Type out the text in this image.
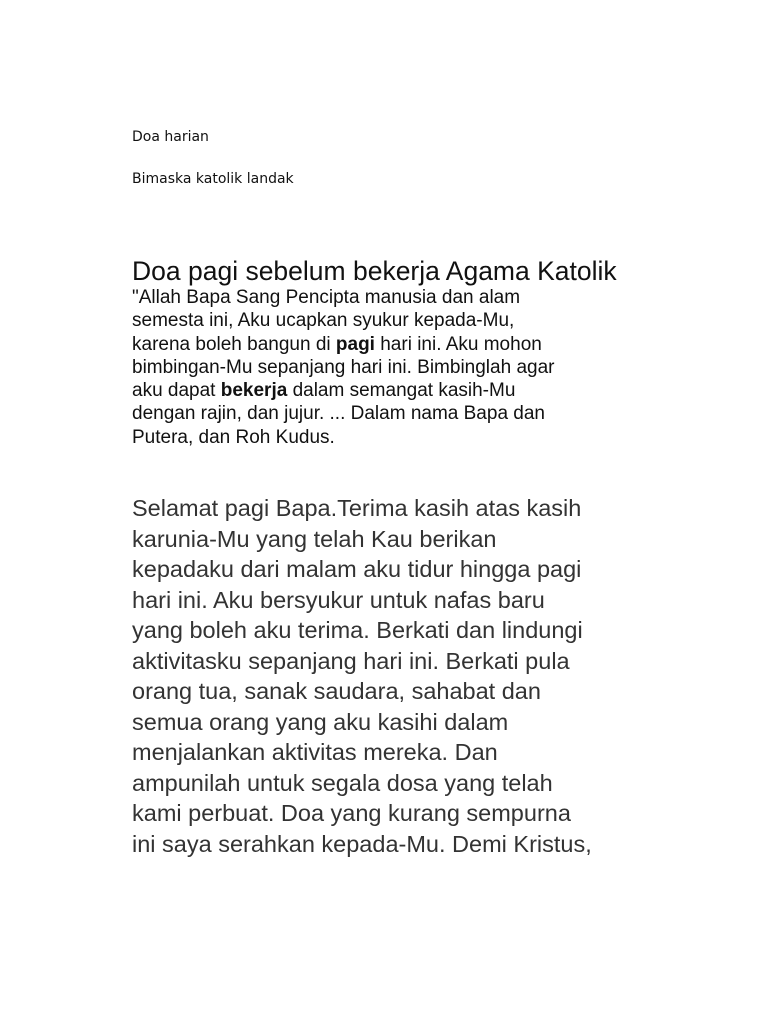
Doa harian

Bimaska katolik landak

Doa pagi sebelum bekerja Agama Katolik
"Allah Bapa Sang Pencipta manusia dan alam
semesta ini, Aku ucapkan syukur kepada-Mu,
karena boleh bangun di pagi hari ini. Aku mohon
bimbingan-Mu sepanjang hari ini. Bimbinglah agar
aku dapat bekerja dalam semangat kasih-Mu
dengan rajin, dan jujur. ... Dalam nama Bapa dan
Putera, dan Roh Kudus.
Selamat pagi Bapa.Terima kasih atas kasih
karunia-Mu yang telah Kau berikan
kepadaku dari malam aku tidur hingga pagi
hari ini. Aku bersyukur untuk nafas baru
yang boleh aku terima. Berkati dan lindungi
aktivitasku sepanjang hari ini. Berkati pula
orang tua, sanak saudara, sahabat dan
semua orang yang aku kasihi dalam
menjalankan aktivitas mereka. Dan
ampunilah untuk segala dosa yang telah
kami perbuat. Doa yang kurang sempurna
ini saya serahkan kepada-Mu. Demi Kristus,
